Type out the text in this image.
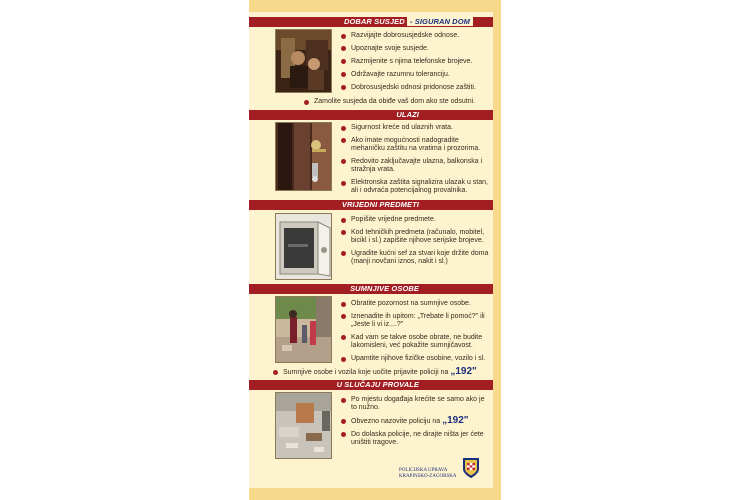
DOBAR SUSJED - SIGURAN DOM
Razvijajte dobrosusjedske odnose.
Upoznajte svoje susjede.
Razmijenite s njima telefonske brojeve.
Održavajte razumnu toleranciju.
Dobrosusjedski odnosi pridonose zaštiti.
Zamolite susjeda da obiđe vaš dom ako ste odsutni.
ULAZI
Sigurnost kreće od ulaznih vrata.
Ako imate mogućnosti nadogradite mehaničku zaštitu na vratima i prozorima.
Redovito zaključavajte ulazna, balkonska i stražnja vrata.
Elektronska zaštita signalizira ulazak u stan, ali i odvraća potencijalnog provalnika.
VRIJEDNI PREDMETI
Popišite vrijedne predmete.
Kod tehničkih predmeta (računalo, mobitel, bicikl i sl.) zapišite njihove serijske brojeve.
Ugradite kućni sef za stvari koje držite doma (manji novčani iznos, nakit i sl.)
SUMNJIVE OSOBE
Obratite pozornost na sumnjive osobe.
Iznenadite ih upitom: „Trebate li pomoć?" ili „Jeste li vi iz....?"
Kad vam se takve osobe obrate, ne budite lakomisleni, već pokažite sumnjičavost.
Upamtite njihove fizičke osobine, vozilo i sl.
Sumnjive osobe i vozila koje uočite prijavite policiji na „192"
U SLUČAJU PROVALE
Po mjestu događaja krećite se samo ako je to nužno.
Obvezno nazovite policiju na „192"
Do dolaska policije, ne dirajte ništa jer ćete uništiti tragove.
POLICIJSKA UPRAVA
KRAPINSKO-ZAGORSKA
